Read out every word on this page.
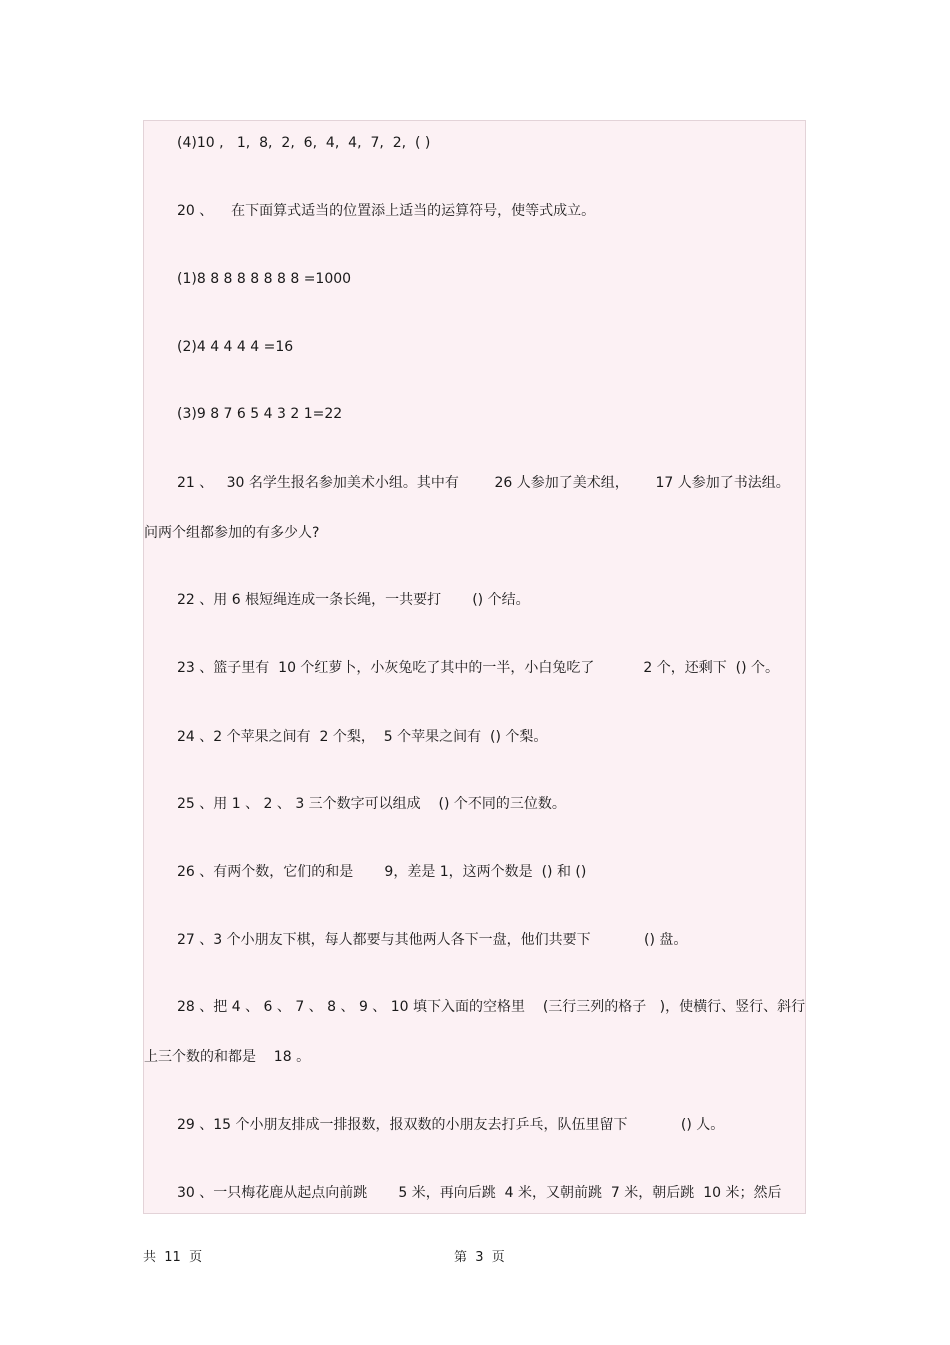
(4)10 ,   1,  8,  2,  6,  4,  4,  7,  2,  ( )

20 、    在下面算式适当的位置添上适当的运算符号，使等式成立。

(1)8 8 8 8 8 8 8 8 =1000

(2)4 4 4 4 4 =16

(3)9 8 7 6 5 4 3 2 1=22

21 、   30 名学生报名参加美术小组。其中有        26 人参加了美术组，      17 人参加了书法组。

问两个组都参加的有多少人?

22 、用 6 根短绳连成一条长绳，一共要打       () 个结。

23 、篮子里有  10 个红萝卜，小灰兔吃了其中的一半，小白兔吃了           2 个，还剩下  () 个。

24 、2 个苹果之间有  2 个梨，  5 个苹果之间有  () 个梨。

25 、用 1 、 2 、 3 三个数字可以组成    () 个不同的三位数。

26 、有两个数，它们的和是       9，差是 1，这两个数是  () 和 ()

27 、3 个小朋友下棋，每人都要与其他两人各下一盘，他们共要下            () 盘。

28 、把 4 、 6 、 7 、 8 、 9 、 10 填下入面的空格里    (三行三列的格子   )，使横行、竖行、斜行

上三个数的和都是    18 。

29 、15 个小朋友排成一排报数，报双数的小朋友去打乒乓，队伍里留下            () 人。

30 、一只梅花鹿从起点向前跳       5 米，再向后跳  4 米，又朝前跳  7 米，朝后跳  10 米；然后

共  11  页	第  3  页
